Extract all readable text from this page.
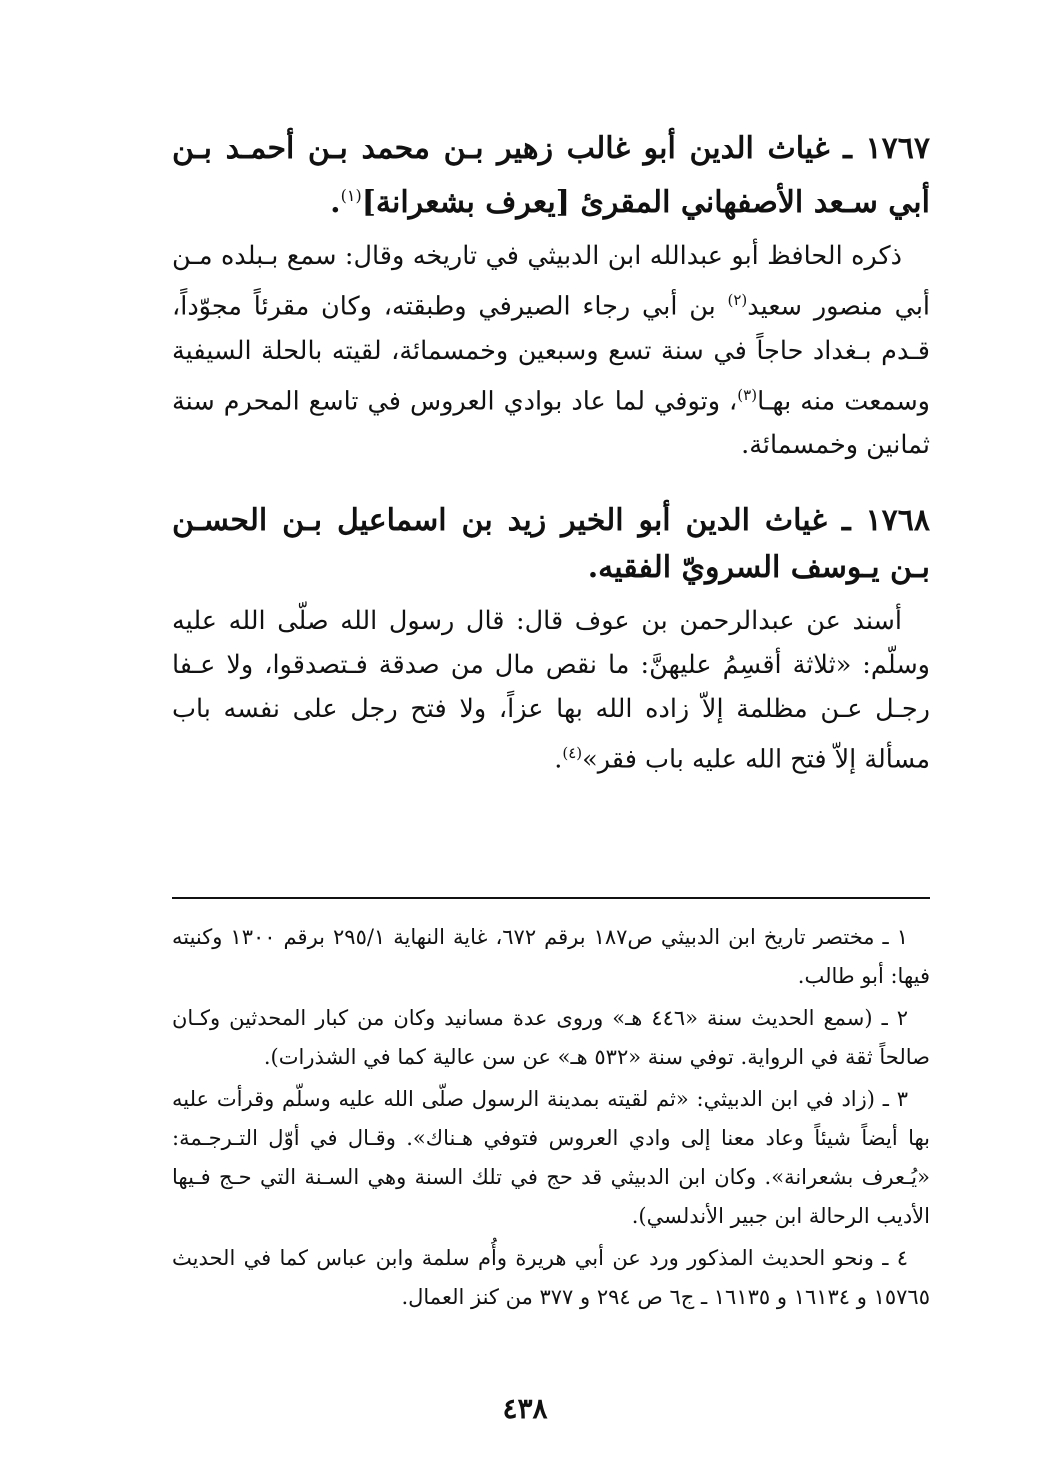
١٧٦٧ ـ غياث الدين أبو غالب زهير بـن محمد بـن أحمـد بـن أبي سـعد الأصفهاني المقرئ [يعرف بشعرانة]$^{(١)}$.

ذكره الحافظ أبو عبدالله ابن الدبيثي في تاريخه وقال: سمع بـبلده مـن أبي منصور سعيد$^{(٢)}$ بن أبي رجاء الصيرفي وطبقته، وكان مقرئاً مجوّداً، قـدم بـغداد حاجاً في سنة تسع وسبعين وخمسمائة، لقيته بالحلة السيفية وسمعت منه بهـا$^{(٣)}$، وتوفي لما عاد بوادي العروس في تاسع المحرم سنة ثمانين وخمسمائة.

١٧٦٨ ـ غياث الدين أبو الخير زيد بن اسماعيل بـن الحسـن بـن يـوسف السرويّ الفقيه.

أسند عن عبدالرحمن بن عوف قال: قال رسول الله صلّى الله عليه وسلّم: «ثلاثة أقسِمُ عليهنَّ: ما نقص مال من صدقة فـتصدقوا، ولا عـفا رجـل عـن مظلمة إلاّ زاده الله بها عزاً، ولا فتح رجل على نفسه باب مسألة إلاّ فتح الله عليه باب فقر»$^{(٤)}$.

١ ـ مختصر تاريخ ابن الدبيثي ص١٨٧ برقم ٦٧٢، غاية النهاية ٢٩٥/١ برقم ١٣٠٠ وكنيته فيها: أبو طالب.

٢ ـ (سمع الحديث سنة «٤٤٦ هـ» وروى عدة مسانيد وكان من كبار المحدثين وكـان صالحاً ثقة في الرواية. توفي سنة «٥٣٢ هـ» عن سن عالية كما في الشذرات).

٣ ـ (زاد في ابن الدبيثي: «ثم لقيته بمدينة الرسول صلّى الله عليه وسلّم وقرأت عليه بها أيضاً شيئاً وعاد معنا إلى وادي العروس فتوفي هـناك». وقـال في أوّل التـرجـمة: «يُـعرف بشعرانة». وكان ابن الدبيثي قد حج في تلك السنة وهي السـنة التي حـج فـيها الأديب الرحالة ابن جبير الأندلسي).

٤ ـ ونحو الحديث المذكور ورد عن أبي هريرة وأُم سلمة وابن عباس كما في الحديث ١٥٧٦٥ و ١٦١٣٤ و ١٦١٣٥ ـ ج٦ ص ٢٩٤ و ٣٧٧ من كنز العمال.

٤٣٨
